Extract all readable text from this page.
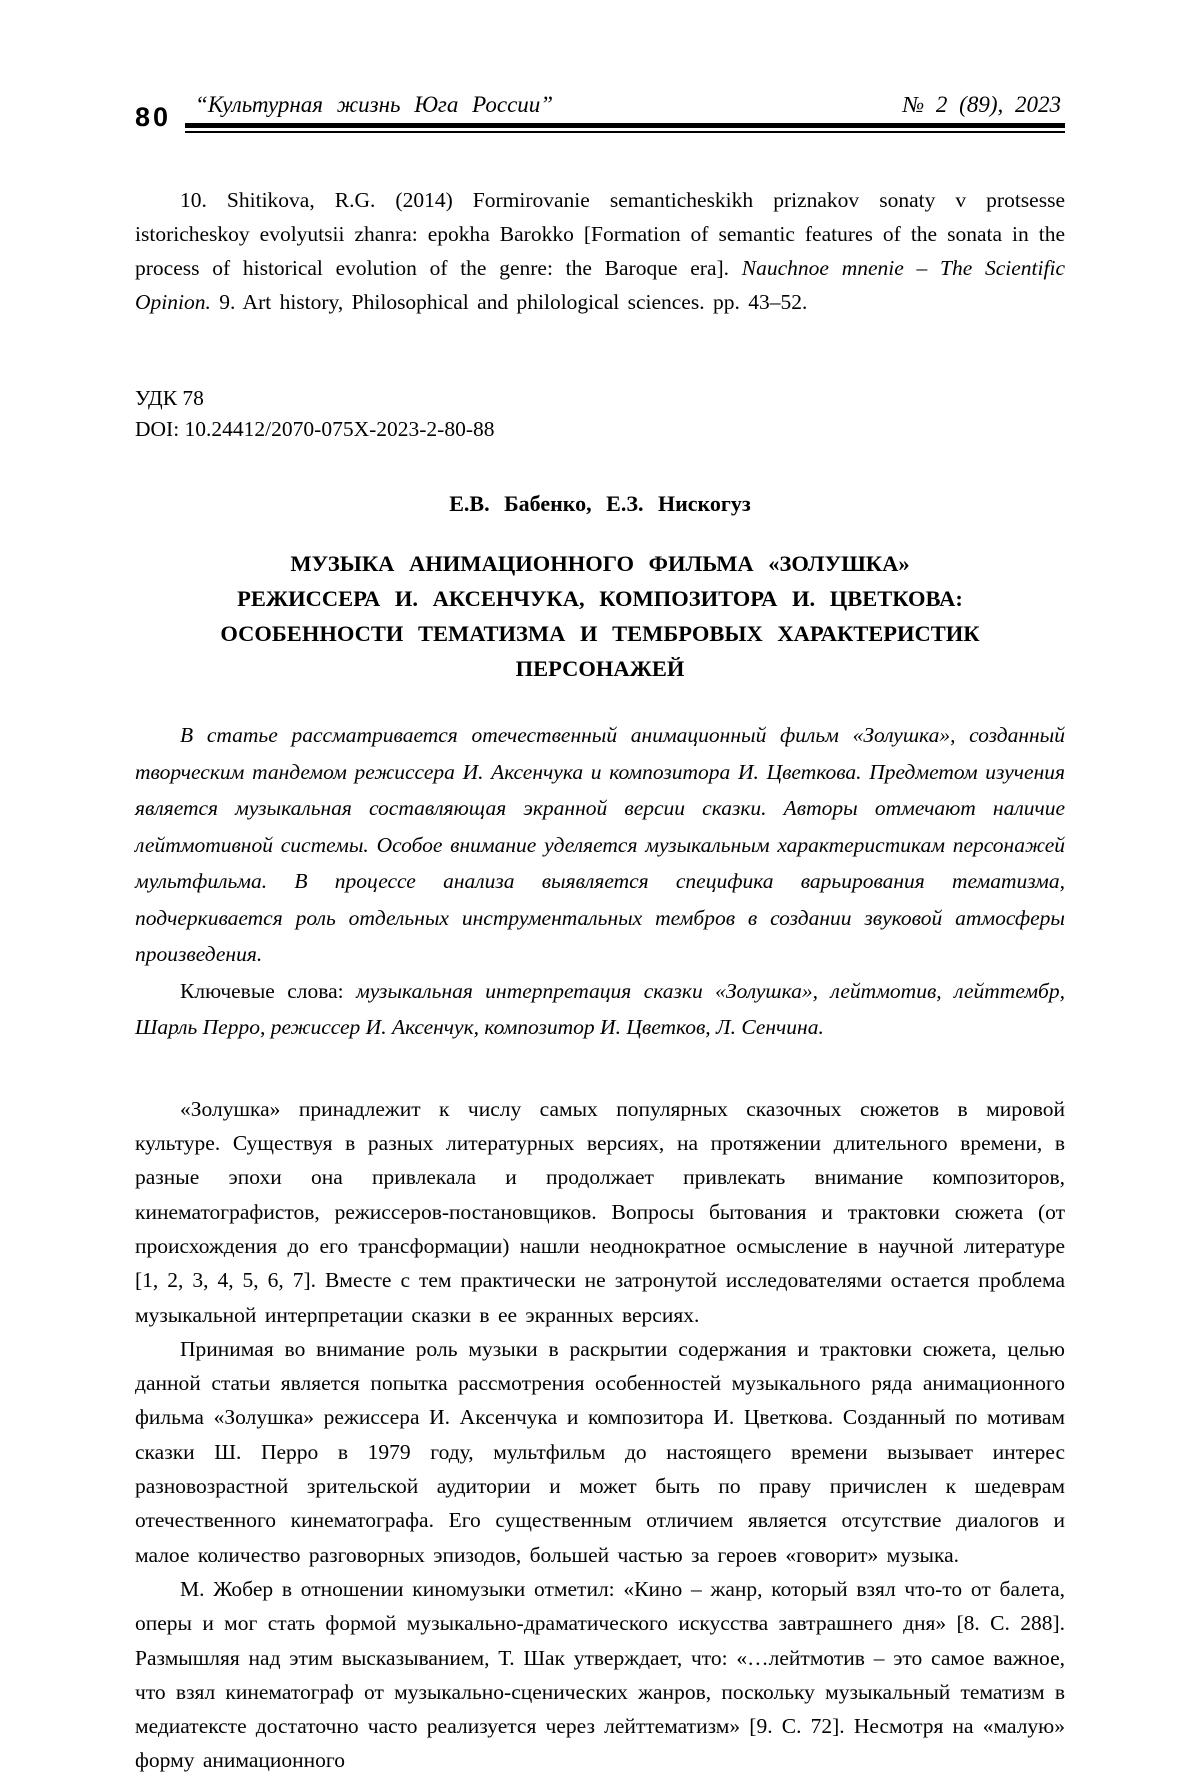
80	“Культурная жизнь Юга России”	№ 2 (89), 2023

10. Shitikova, R.G. (2014) Formirovanie semanticheskikh priznakov sonaty v protsesse istoricheskoy evolyutsii zhanra: epokha Barokko [Formation of semantic features of the sonata in the process of historical evolution of the genre: the Baroque era]. Nauchnoe mnenie – The Scientific Opinion. 9. Art history, Philosophical and philological sciences. pp. 43–52.

УДК 78
DOI: 10.24412/2070-075X-2023-2-80-88
Е.В. Бабенко, Е.З. Нискогуз
МУЗЫКА АНИМАЦИОННОГО ФИЛЬМА «ЗОЛУШКА»
РЕЖИССЕРА И. АКСЕНЧУКА, КОМПОЗИТОРА И. ЦВЕТКОВА:
ОСОБЕННОСТИ ТЕМАТИЗМА И ТЕМБРОВЫХ ХАРАКТЕРИСТИК
ПЕРСОНАЖЕЙ

В статье рассматривается отечественный анимационный фильм «Золушка», созданный творческим тандемом режиссера И. Аксенчука и композитора И. Цветкова. Предметом изучения является музыкальная составляющая экранной версии сказки. Авторы отмечают наличие лейтмотивной системы. Особое внимание уделяется музыкальным характеристикам персонажей мультфильма. В процессе анализа выявляется специфика варьирования тематизма, подчеркивается роль отдельных инструментальных тембров в создании звуковой атмосферы произведения.

Ключевые слова: музыкальная интерпретация сказки «Золушка», лейтмотив, лейттембр, Шарль Перро, режиссер И. Аксенчук, композитор И. Цветков, Л. Сенчина.

«Золушка» принадлежит к числу самых популярных сказочных сюжетов в мировой культуре. Существуя в разных литературных версиях, на протяжении длительного времени, в разные эпохи она привлекала и продолжает привлекать внимание композиторов, кинематографистов, режиссеров-постановщиков. Вопросы бытования и трактовки сюжета (от происхождения до его трансформации) нашли неоднократное осмысление в научной литературе [1, 2, 3, 4, 5, 6, 7]. Вместе с тем практически не затронутой исследователями остается проблема музыкальной интерпретации сказки в ее экранных версиях.

Принимая во внимание роль музыки в раскрытии содержания и трактовки сюжета, целью данной статьи является попытка рассмотрения особенностей музыкального ряда анимационного фильма «Золушка» режиссера И. Аксенчука и композитора И. Цветкова. Созданный по мотивам сказки Ш. Перро в 1979 году, мультфильм до настоящего времени вызывает интерес разновозрастной зрительской аудитории и может быть по праву причислен к шедеврам отечественного кинематографа. Его существенным отличием является отсутствие диалогов и малое количество разговорных эпизодов, большей частью за героев «говорит» музыка.

М. Жобер в отношении киномузыки отметил: «Кино – жанр, который взял что-то от балета, оперы и мог стать формой музыкально-драматического искусства завтрашнего дня» [8. С. 288]. Размышляя над этим высказыванием, Т. Шак утверждает, что: «…лейтмотив – это самое важное, что взял кинематограф от музыкально-сценических жанров, поскольку музыкальный тематизм в медиатексте достаточно часто реализуется через лейттематизм» [9. С. 72]. Несмотря на «малую» форму анимационного
